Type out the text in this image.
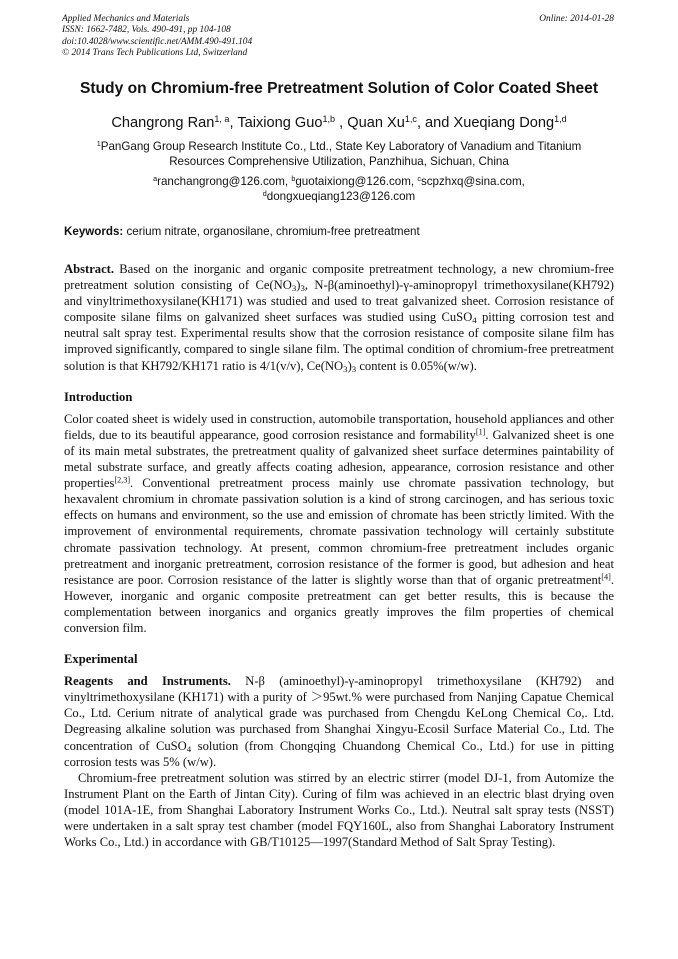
Applied Mechanics and Materials
ISSN: 1662-7482, Vols. 490-491, pp 104-108
doi:10.4028/www.scientific.net/AMM.490-491.104
© 2014 Trans Tech Publications Ltd, Switzerland
Online: 2014-01-28
Study on Chromium-free Pretreatment Solution of Color Coated Sheet
Changrong Ran$^{1, a}$, Taixiong Guo$^{1,b}$ , Quan Xu$^{1,c}$, and Xueqiang Dong$^{1,d}$
$^1$PanGang Group Research Institute Co., Ltd., State Key Laboratory of Vanadium and Titanium
Resources Comprehensive Utilization, Panzhihua, Sichuan, China
$^a$ranchangrong@126.com, $^b$guotaixiong@126.com, $^c$scpzhxq@sina.com,
$^d$dongxueqiang123@126.com
Keywords: cerium nitrate, organosilane, chromium-free pretreatment

Abstract. Based on the inorganic and organic composite pretreatment technology, a new chromium-free pretreatment solution consisting of $Ce(NO_3)_3$, N-β(aminoethyl)-γ-aminopropyl trimethoxysilane(KH792) and vinyltrimethoxysilane(KH171) was studied and used to treat galvanized sheet. Corrosion resistance of composite silane films on galvanized sheet surfaces was studied using CuSO$_4$ pitting corrosion test and neutral salt spray test. Experimental results show that the corrosion resistance of composite silane film has improved significantly, compared to single silane film. The optimal condition of chromium-free pretreatment solution is that KH792/KH171 ratio is 4/1(v/v), $Ce(NO_3)_3$ content is 0.05%(w/w).

Introduction

Color coated sheet is widely used in construction, automobile transportation, household appliances and other fields, due to its beautiful appearance, good corrosion resistance and formability[1]. Galvanized sheet is one of its main metal substrates, the pretreatment quality of galvanized sheet surface determines paintability of metal substrate surface, and greatly affects coating adhesion, appearance, corrosion resistance and other properties[2,3]. Conventional pretreatment process mainly use chromate passivation technology, but hexavalent chromium in chromate passivation solution is a kind of strong carcinogen, and has serious toxic effects on humans and environment, so the use and emission of chromate has been strictly limited. With the improvement of environmental requirements, chromate passivation technology will certainly substitute chromate passivation technology. At present, common chromium-free pretreatment includes organic pretreatment and inorganic pretreatment, corrosion resistance of the former is good, but adhesion and heat resistance are poor. Corrosion resistance of the latter is slightly worse than that of organic pretreatment[4]. However, inorganic and organic composite pretreatment can get better results, this is because the complementation between inorganics and organics greatly improves the film properties of chemical conversion film.

Experimental

Reagents and Instruments. N-β (aminoethyl)-γ-aminopropyl trimethoxysilane (KH792) and vinyltrimethoxysilane (KH171) with a purity of ＞95wt.% were purchased from Nanjing Capatue Chemical Co., Ltd. Cerium nitrate of analytical grade was purchased from Chengdu KeLong Chemical Co,. Ltd. Degreasing alkaline solution was purchased from Shanghai Xingyu-Ecosil Surface Material Co., Ltd. The concentration of CuSO$_4$ solution (from Chongqing Chuandong Chemical Co., Ltd.) for use in pitting corrosion tests was 5% (w/w).

Chromium-free pretreatment solution was stirred by an electric stirrer (model DJ-1, from Automize the Instrument Plant on the Earth of Jintan City). Curing of film was achieved in an electric blast drying oven (model 101A-1E, from Shanghai Laboratory Instrument Works Co., Ltd.). Neutral salt spray tests (NSST) were undertaken in a salt spray test chamber (model FQY160L, also from Shanghai Laboratory Instrument Works Co., Ltd.) in accordance with GB/T10125—1997(Standard Method of Salt Spray Testing).
